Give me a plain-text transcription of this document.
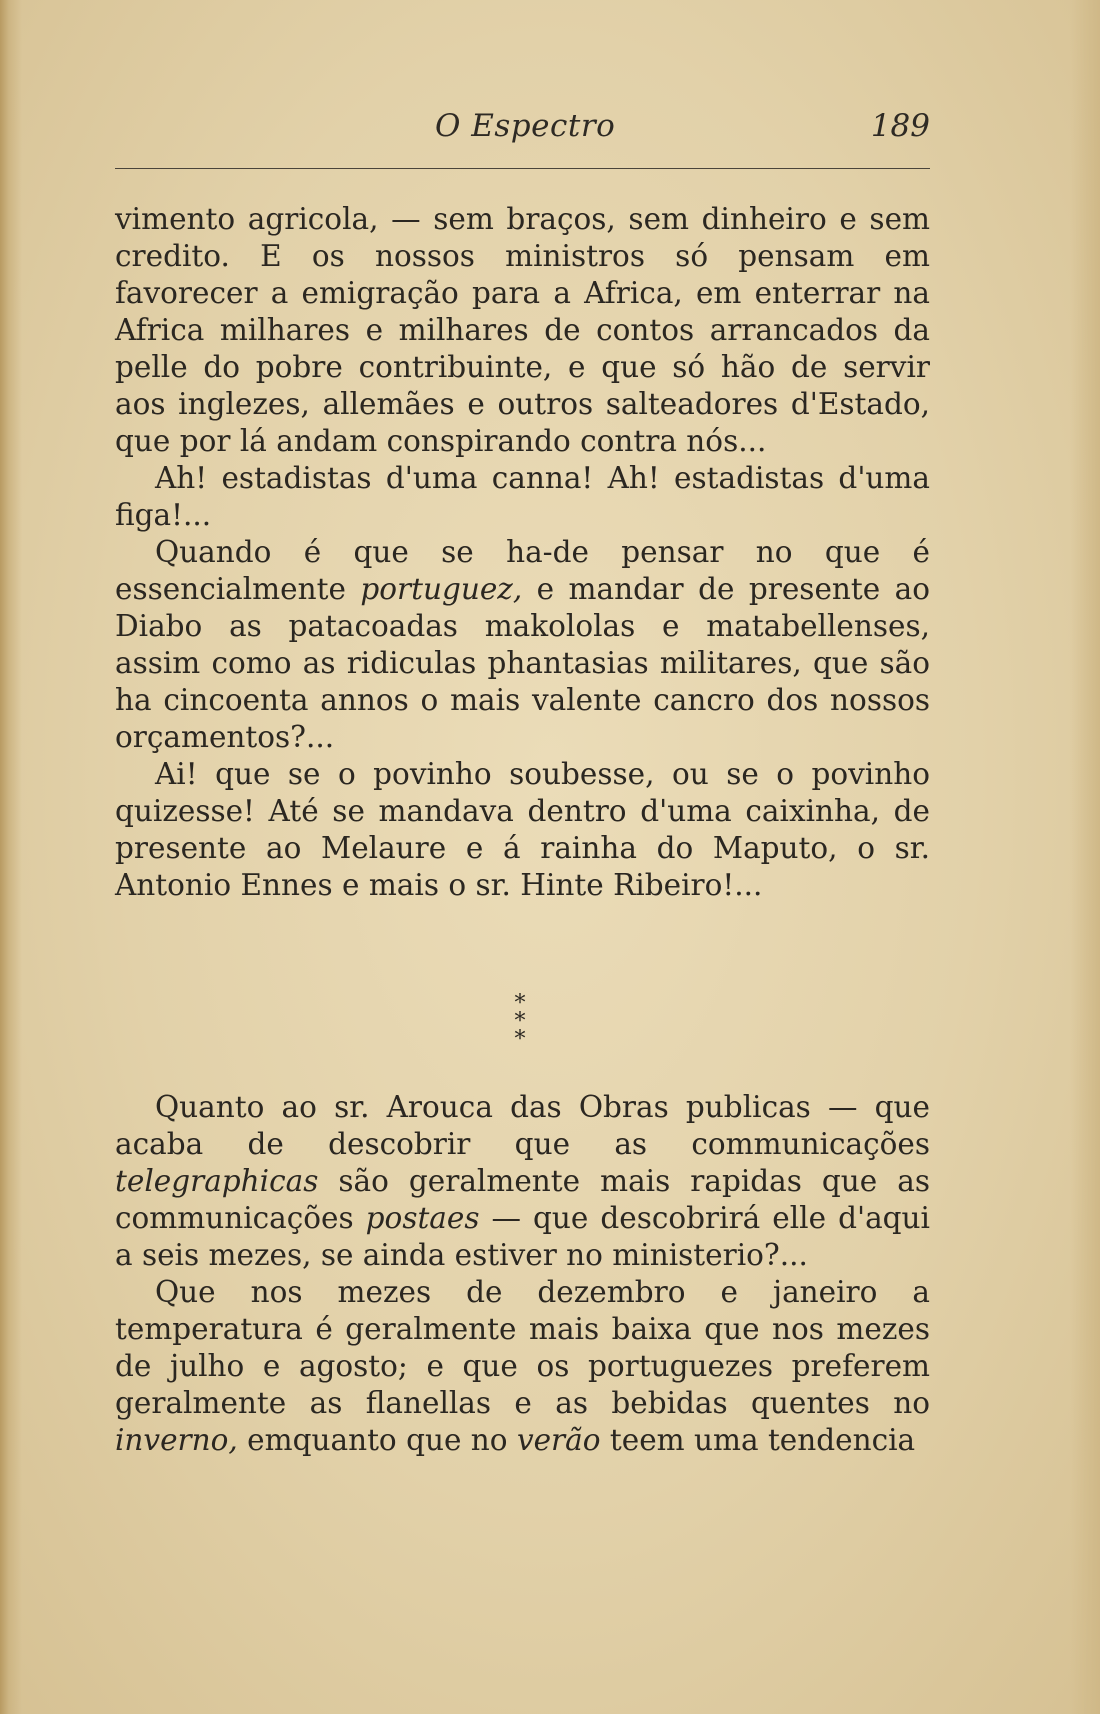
O Espectro	189

vimento agricola, — sem braços, sem dinheiro e sem credito. E os nossos ministros só pensam em favorecer a emigração para a Africa, em enterrar na Africa milhares e milhares de contos arrancados da pelle do pobre contribuinte, e que só hão de servir aos inglezes, allemães e outros salteadores d'Estado, que por lá andam conspirando contra nós...

Ah! estadistas d'uma canna! Ah! estadistas d'uma figa!...

Quando é que se ha-de pensar no que é essencialmente portuguez, e mandar de presente ao Diabo as patacoadas makololas e matabellenses, assim como as ridiculas phantasias militares, que são ha cincoenta annos o mais valente cancro dos nossos orçamentos?...

Ai! que se o povinho soubesse, ou se o povinho quizesse! Até se mandava dentro d'uma caixinha, de presente ao Melaure e á rainha do Maputo, o sr. Antonio Ennes e mais o sr. Hinte Ribeiro!...

*
* *

Quanto ao sr. Arouca das Obras publicas — que acaba de descobrir que as communicações telegraphicas são geralmente mais rapidas que as communicações postaes — que descobrirá elle d'aqui a seis mezes, se ainda estiver no ministerio?...

Que nos mezes de dezembro e janeiro a temperatura é geralmente mais baixa que nos mezes de julho e agosto; e que os portuguezes preferem geralmente as flanellas e as bebidas quentes no inverno, emquanto que no verão teem uma tendencia
